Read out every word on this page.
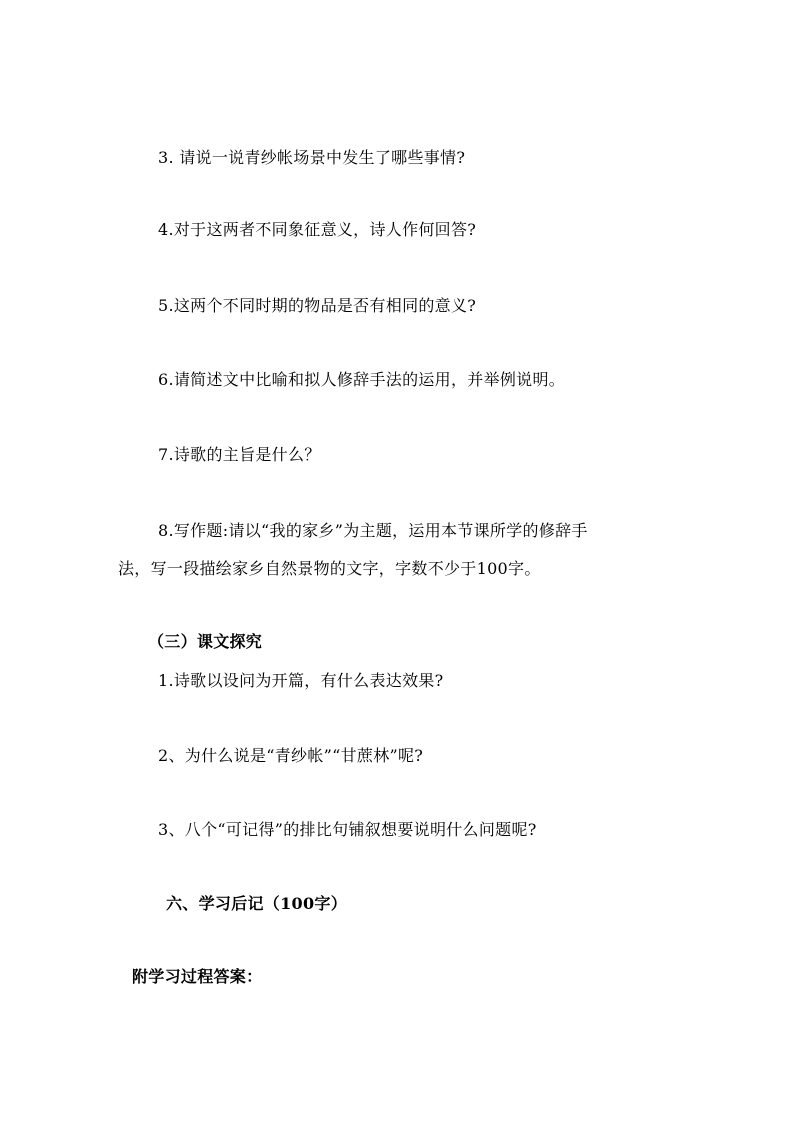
3. 请说一说青纱帐场景中发生了哪些事情?
4.对于这两者不同象征意义，诗人作何回答?
5.这两个不同时期的物品是否有相同的意义?
6.请简述文中比喻和拟人修辞手法的运用，并举例说明。
7.诗歌的主旨是什么？
8.写作题:请以“我的家乡”为主题，运用本节课所学的修辞手
法，写一段描绘家乡自然景物的文字，字数不少于100字。
（三）课文探究
1.诗歌以设问为开篇，有什么表达效果?
2、为什么说是“青纱帐”“甘蔗林”呢?
3、八个“可记得”的排比句铺叙想要说明什么问题呢?
六、学习后记（100字）
附学习过程答案：
